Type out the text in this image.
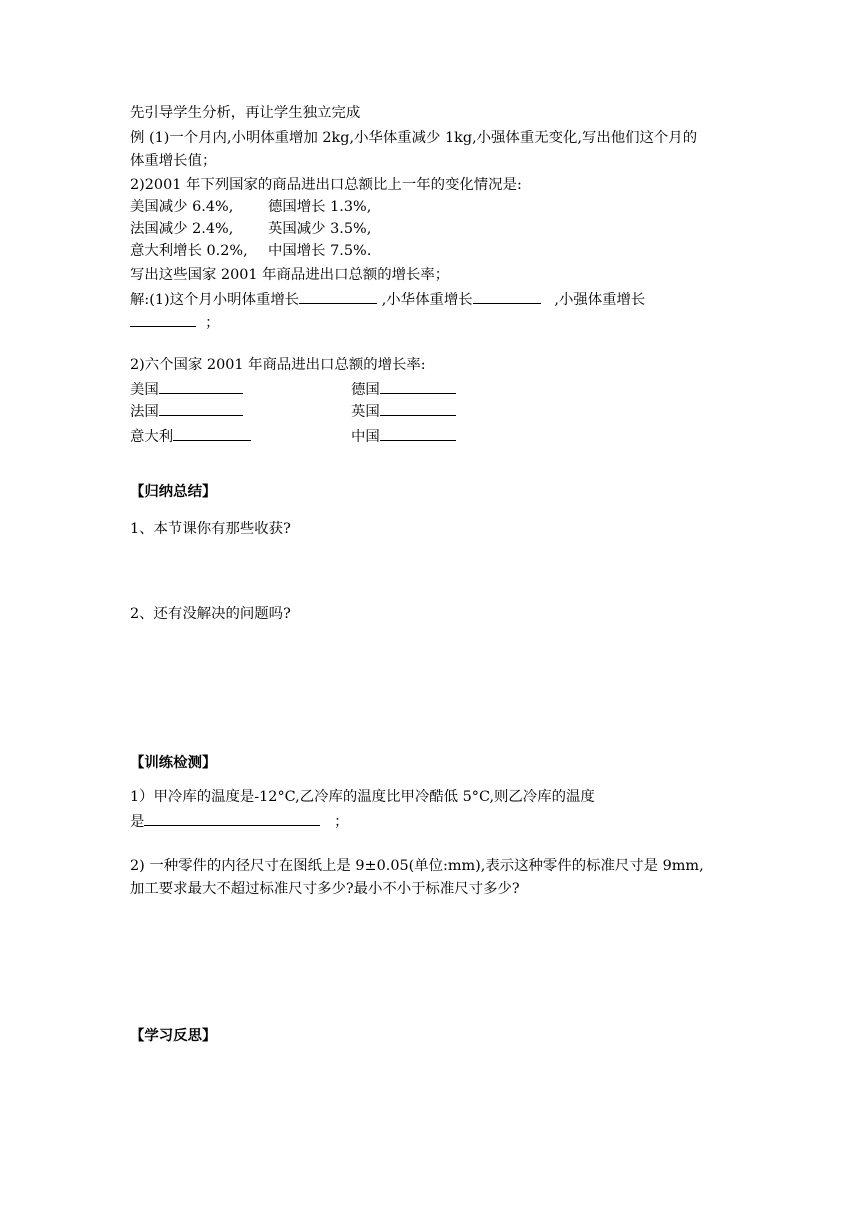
先引导学生分析，再让学生独立完成
例 (1)一个月内,小明体重增加 2kg,小华体重减少 1kg,小强体重无变化,写出他们这个月的
体重增长值；
2)2001 年下列国家的商品进出口总额比上一年的变化情况是:
美国减少 6.4%, 德国增长 1.3%,
法国减少 2.4%, 英国减少 3.5%,
意大利增长 0.2%, 中国增长 7.5%.
写出这些国家 2001 年商品进出口总额的增长率；
解:(1)这个月小明体重增长	,小华体重增长	,小强体重增长
；
2)六个国家 2001 年商品进出口总额的增长率:
美国	德国
法国	英国
意大利	中国
【归纳总结】
1、本节课你有那些收获?
2、还有没解决的问题吗?
【训练检测】
1）甲冷库的温度是-12°C,乙冷库的温度比甲冷酷低 5°C,则乙冷库的温度
是	；
2) 一种零件的内径尺寸在图纸上是 9±0.05(单位:mm),表示这种零件的标准尺寸是 9mm,
加工要求最大不超过标准尺寸多少?最小不小于标准尺寸多少?
【学习反思】
